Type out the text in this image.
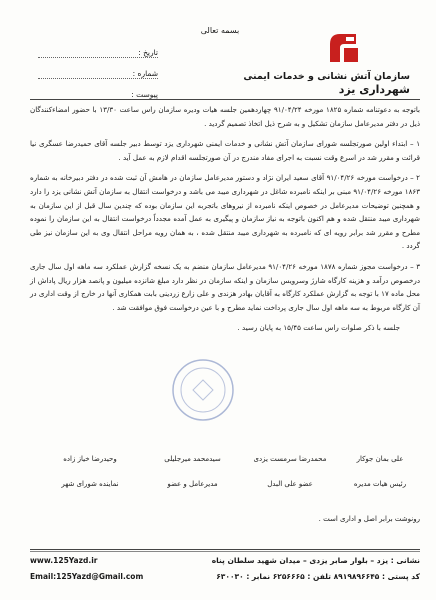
بسمه تعالی
تاریخ :
شماره :
پیوست :
سازمان آتش نشانی و خدمات ایمنی
شهرداری یزد

باتوجه به دعوتنامه شماره ۱۸۲۵ مورخه ۹۱/۰۴/۲۴ چهاردهمین جلسه هیات ودیره سازمان راس ساعت ۱۳/۳۰ با حضور امضاءکنندگان ذیل در دفتر مدیرعامل سازمان تشکیل و به شرح ذیل اتخاذ تصمیم گردید .

۱ – ابتداء اولین صورتجلسه شورای سازمان آتش نشانی و خدمات ایمنی شهرداری یزد توسط دبیر جلسه آقای حمیدرضا عسگری نیا قرائت و مقرر شد در اسرع وقت نسبت به اجرای مفاد مندرج در آن صورتجلسه اقدام لازم به عمل آید .

۲ – درخواست مورخه ۹۱/۰۴/۲۶ آقای سعید ایران نژاد و دستور مدیرعامل سازمان در هامش آن ثبت شده در دفتر دبیرخانه به شماره ۱۸۶۳ مورخه ۹۱/۰۴/۲۶ مبنی بر اینکه نامبرده شاغل در شهرداری میبد می باشد و درخواست انتقال به سازمان آتش نشانی یزد را دارد و همچنین توضیحات مدیرعامل در خصوص اینکه نامبرده از نیروهای باتجربه این سازمان بوده که چندین سال قبل از این سازمان به شهرداری میبد منتقل شده و هم اکنون باتوجه به نیاز سازمان و پیگیری به عمل آمده مجدداً درخواست انتقال به این سازمان را نموده مطرح و مقرر شد برابر رویه ای که نامبرده به شهرداری میبد منتقل شده ، به همان رویه مراحل انتقال وی به این سازمان نیز طی گردد .

۳ – درخواست مجوز شماره ۱۸۷۸ مورخه ۹۱/۰۴/۲۶ مدیرعامل سازمان منضم به یک نسخه گزارش عملکرد سه ماهه اول سال جاری درخصوص درآمد و هزینه کارگاه شارژ وسرویس سازمان و اینکه سازمان در نظر دارد مبلغ شانزده میلیون و پانصد هزار ریال پاداش از محل ماده ۱۷ با توجه به گزارش عملکرد کارگاه به آقایان بهادر هزندی و علی زارع زردینی بابت همکاری آنها در خارج از وقت اداری در آن کارگاه مربوط به سه ماهه اول سال جاری پرداخت نماید مطرح و با عین درخواست فوق موافقت شد .

جلسه با ذکر صلوات راس ساعت ۱۵/۴۵ به پایان رسید .

علی بمان جوکار
محمدرضا سرمست یزدی
سیدمحمد میرجلیلی
وحیدرضا خیاز زاده
رئیس هیات مدیره
عضو علی البدل
مدیرعامل و عضو
نماینده شورای شهر
رونوشت برابر اصل و اداری است .
www.125Yazd.ir
Email:125Yazd@Gmail.com
نشانی : یزد – بلوار صابر یزدی – میدان شهید سلطان پناه
کد پستی : ۸۹۱۹۸۹۶۶۴۵ تلفن : ۶۲۵۶۶۶۵ نمابر : ۶۳۰۰۳۰
